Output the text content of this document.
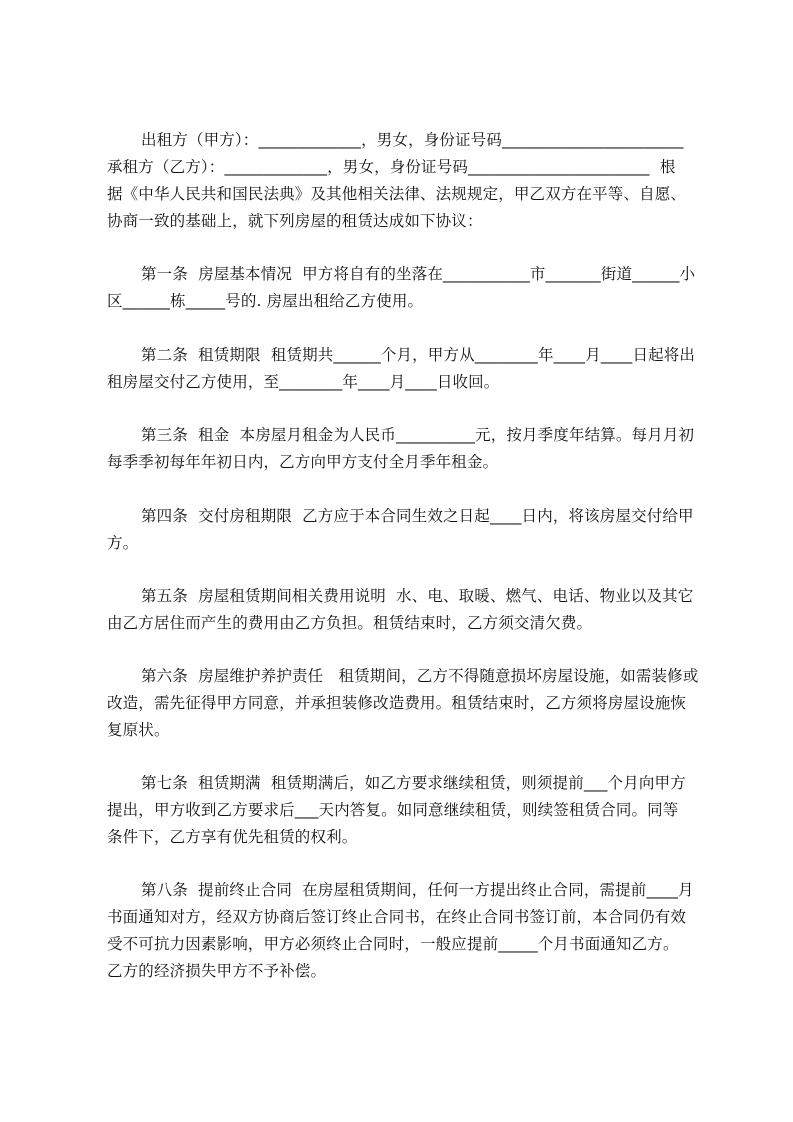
出租方（甲方）：_____________，男女，身份证号码_______________________
承租方（乙方）：_____________，男女，身份证号码_______________________  根
据《中华人民共和国民法典》及其他相关法律、法规规定，甲乙双方在平等、自愿、
协商一致的基础上，就下列房屋的租赁达成如下协议：
第一条  房屋基本情况  甲方将自有的坐落在___________市_______街道______小
区______栋_____号的. 房屋出租给乙方使用。
第二条  租赁期限  租赁期共______个月，甲方从________年____月____日起将出
租房屋交付乙方使用，至________年____月____日收回。
第三条  租金  本房屋月租金为人民币__________元，按月季度年结算。每月月初
每季季初每年年初日内，乙方向甲方支付全月季年租金。
第四条  交付房租期限  乙方应于本合同生效之日起____日内，将该房屋交付给甲
方。
第五条  房屋租赁期间相关费用说明  水、电、取暖、燃气、电话、物业以及其它
由乙方居住而产生的费用由乙方负担。租赁结束时，乙方须交清欠费。
第六条  房屋维护养护责任   租赁期间，乙方不得随意损坏房屋设施，如需装修或
改造，需先征得甲方同意，并承担装修改造费用。租赁结束时，乙方须将房屋设施恢
复原状。
第七条  租赁期满  租赁期满后，如乙方要求继续租赁，则须提前___个月向甲方
提出，甲方收到乙方要求后___天内答复。如同意继续租赁，则续签租赁合同。同等
条件下，乙方享有优先租赁的权利。
第八条  提前终止合同  在房屋租赁期间，任何一方提出终止合同，需提前____月
书面通知对方，经双方协商后签订终止合同书，在终止合同书签订前，本合同仍有效
受不可抗力因素影响，甲方必须终止合同时，一般应提前_____个月书面通知乙方。
乙方的经济损失甲方不予补偿。
